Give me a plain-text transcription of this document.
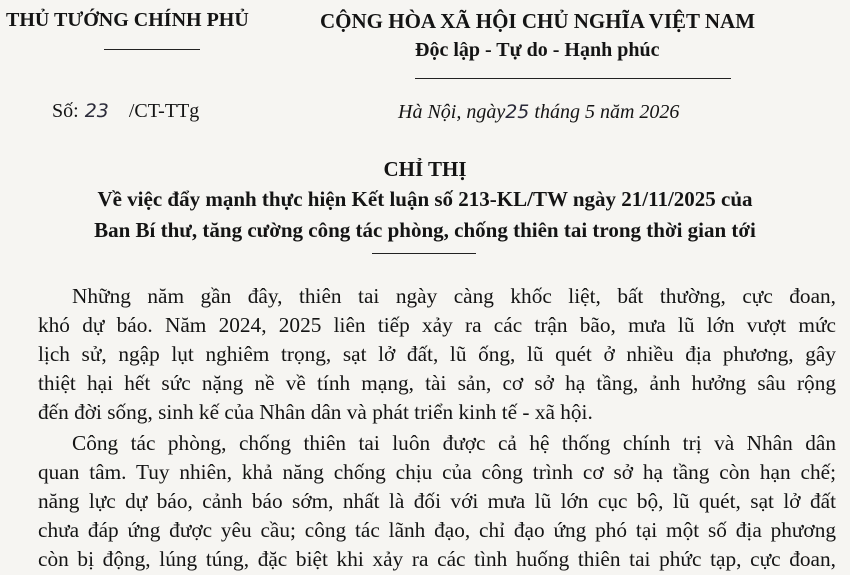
THỦ TƯỚNG CHÍNH PHỦ	CỘNG HÒA XÃ HỘI CHỦ NGHĨA VIỆT NAM
Độc lập - Tự do - Hạnh phúc
Số: 23 /CT-TTg	Hà Nội, ngày25 tháng 5 năm 2026
CHỈ THỊ
Về việc đẩy mạnh thực hiện Kết luận số 213-KL/TW ngày 21/11/2025 của
Ban Bí thư, tăng cường công tác phòng, chống thiên tai trong thời gian tới
Những năm gần đây, thiên tai ngày càng khốc liệt, bất thường, cực đoan,
khó dự báo. Năm 2024, 2025 liên tiếp xảy ra các trận bão, mưa lũ lớn vượt mức
lịch sử, ngập lụt nghiêm trọng, sạt lở đất, lũ ống, lũ quét ở nhiều địa phương, gây
thiệt hại hết sức nặng nề về tính mạng, tài sản, cơ sở hạ tầng, ảnh hưởng sâu rộng
đến đời sống, sinh kế của Nhân dân và phát triển kinh tế - xã hội.
Công tác phòng, chống thiên tai luôn được cả hệ thống chính trị và Nhân dân
quan tâm. Tuy nhiên, khả năng chống chịu của công trình cơ sở hạ tầng còn hạn chế;
năng lực dự báo, cảnh báo sớm, nhất là đối với mưa lũ lớn cục bộ, lũ quét, sạt lở đất
chưa đáp ứng được yêu cầu; công tác lãnh đạo, chỉ đạo ứng phó tại một số địa phương
còn bị động, lúng túng, đặc biệt khi xảy ra các tình huống thiên tai phức tạp, cực đoan,
